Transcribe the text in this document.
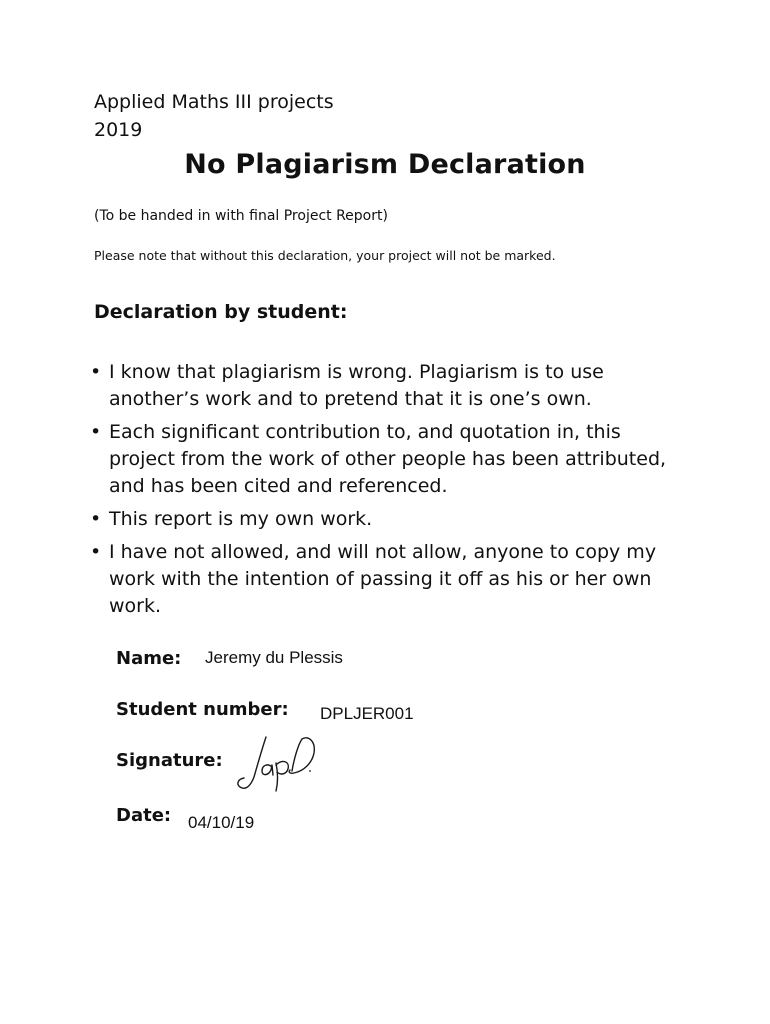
Applied Maths III projects

2019

No Plagiarism Declaration

(To be handed in with final Project Report)

Please note that without this declaration, your project will not be marked.

Declaration by student:
• I know that plagiarism is wrong. Plagiarism is to use another’s work and to pretend that it is one’s own.
• Each significant contribution to, and quotation in, this project from the work of other people has been attributed, and has been cited and referenced.
• This report is my own work.
• I have not allowed, and will not allow, anyone to copy my work with the intention of passing it off as his or her own work.
Name: Jeremy du Plessis
Student number: DPLJER001
Signature:
Date: 04/10/19
